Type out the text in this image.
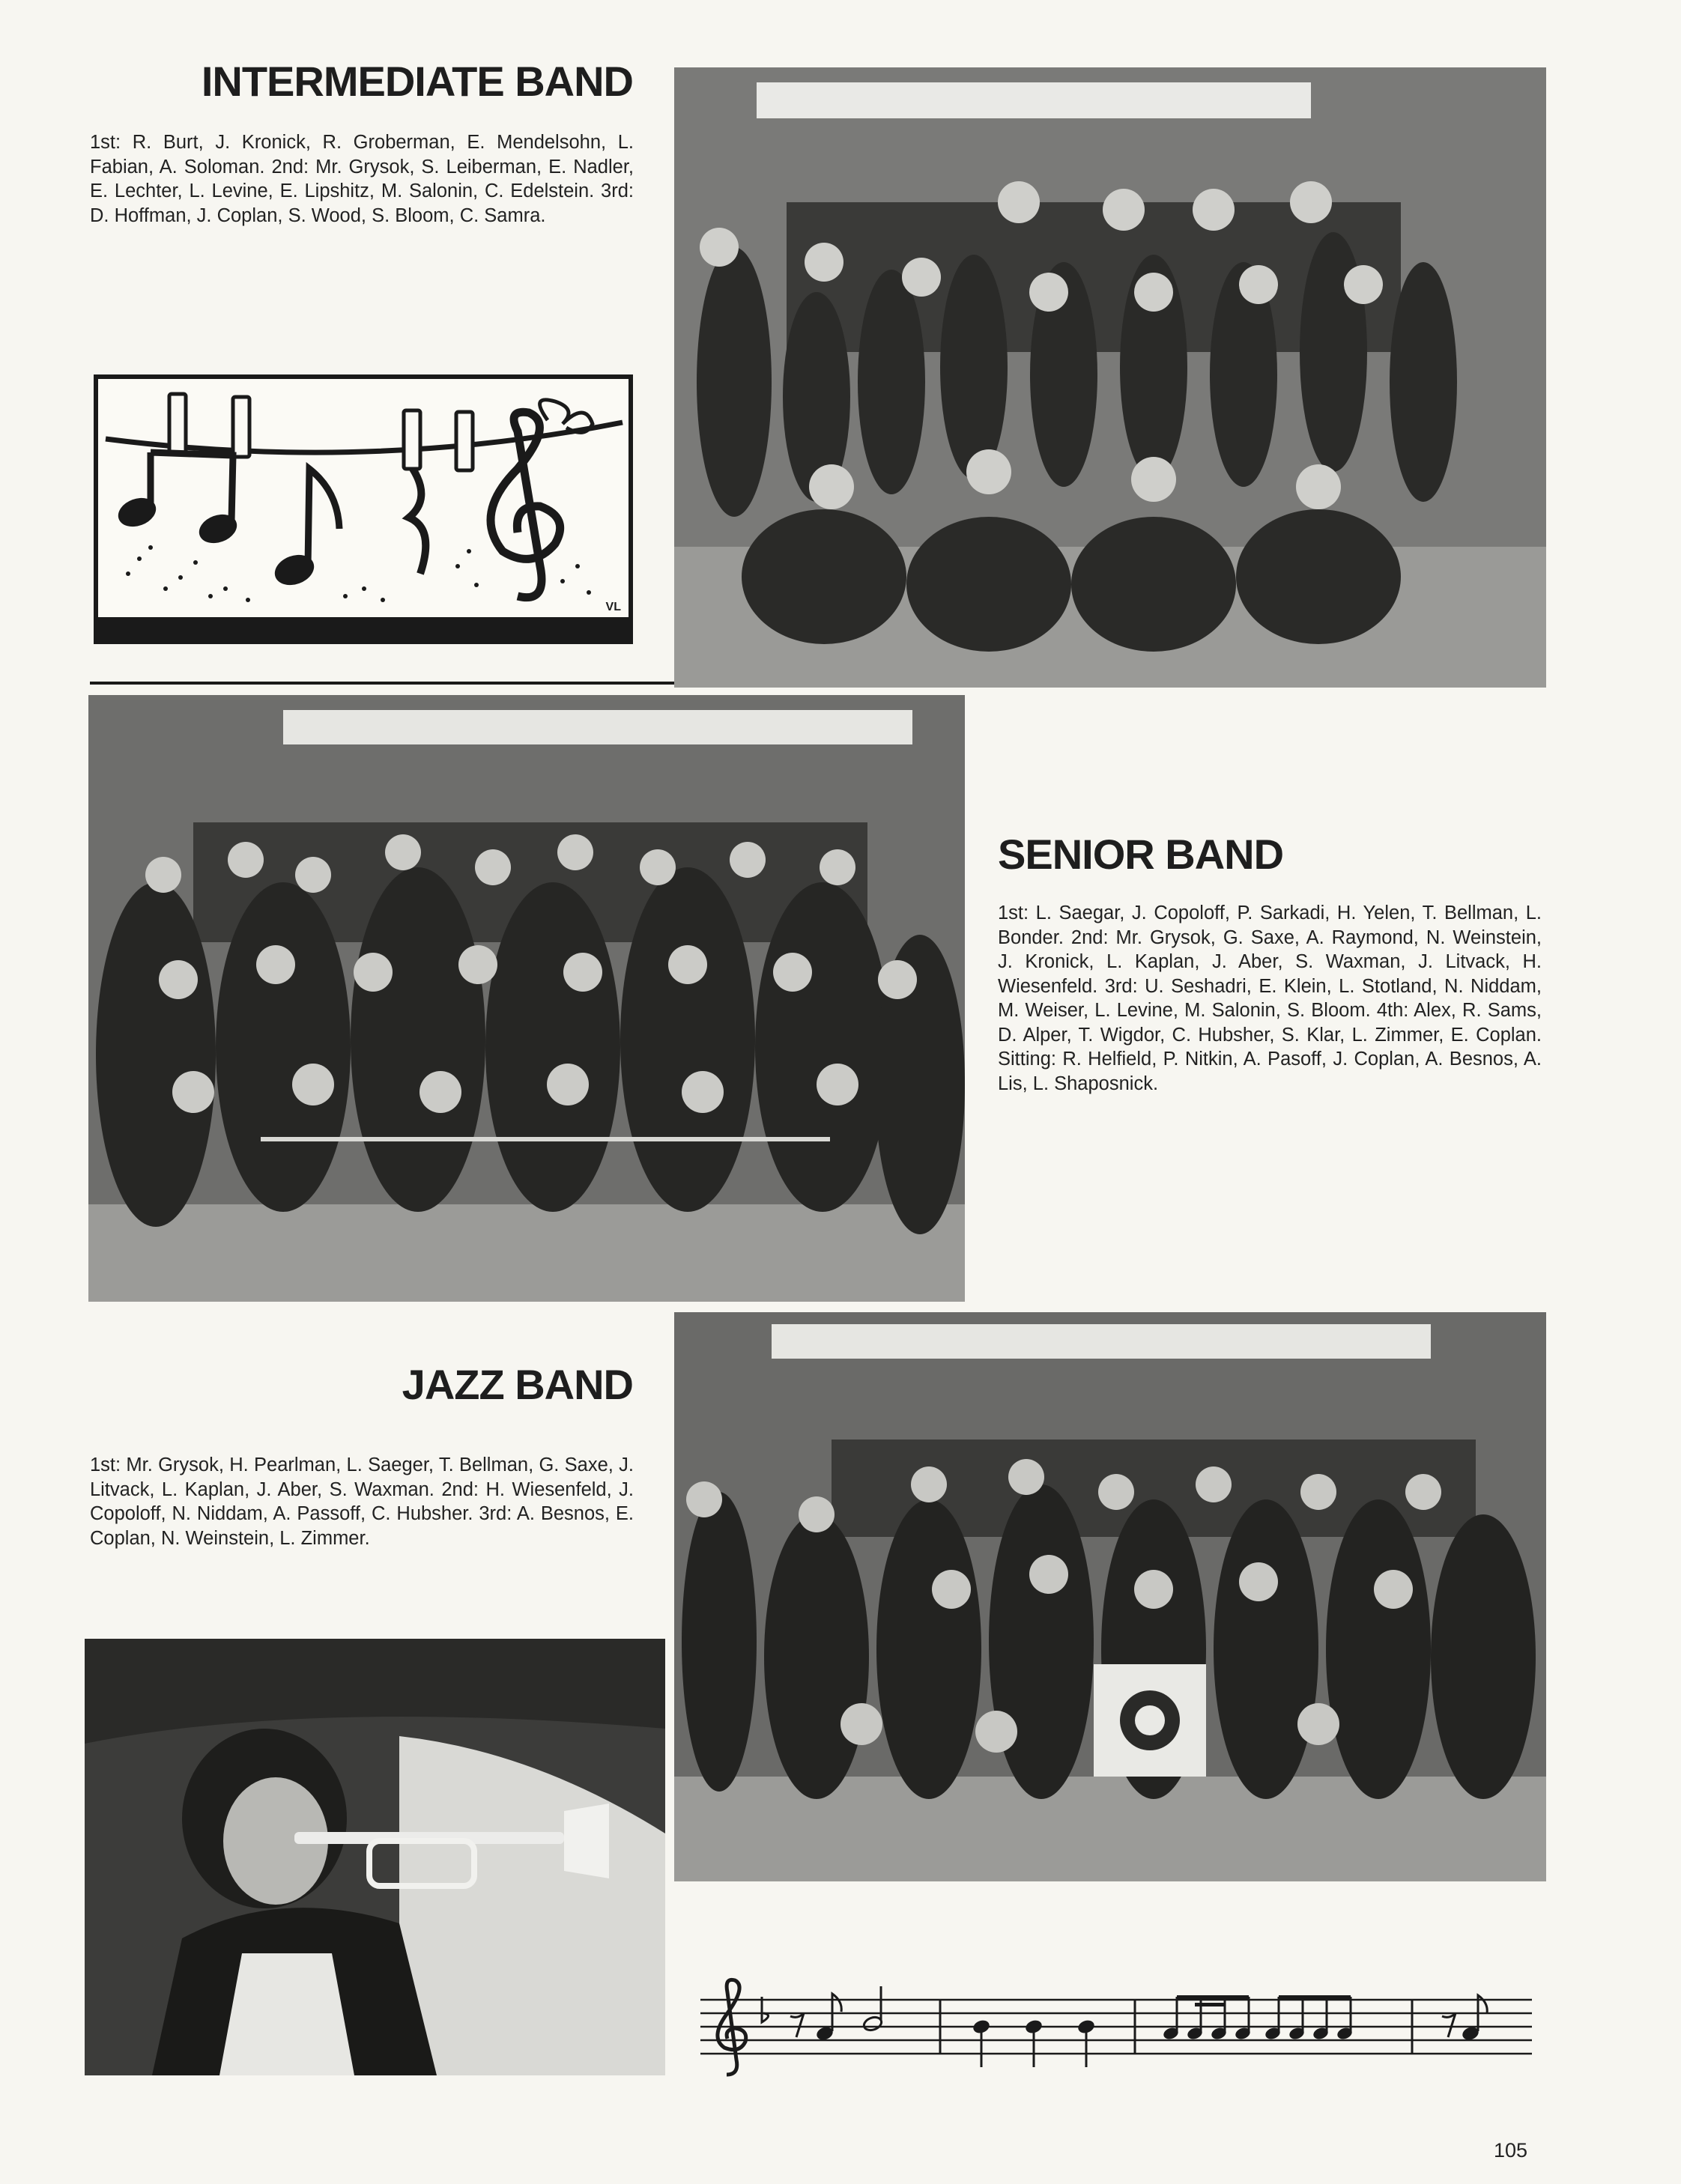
INTERMEDIATE BAND
1st: R. Burt, J. Kronick, R. Groberman, E. Mendelsohn, L. Fabian, A. Soloman. 2nd: Mr. Grysok, S. Leiberman, E. Nadler, E. Lechter, L. Levine, E. Lipshitz, M. Salonin, C. Edelstein. 3rd: D. Hoffman, J. Coplan, S. Wood, S. Bloom, C. Samra.
VL
SENIOR BAND
1st: L. Saegar, J. Copoloff, P. Sarkadi, H. Yelen, T. Bellman, L. Bonder. 2nd: Mr. Grysok, G. Saxe, A. Raymond, N. Weinstein, J. Kronick, L. Kaplan, J. Aber, S. Waxman, J. Litvack, H. Wiesenfeld. 3rd: U. Seshadri, E. Klein, L. Stotland, N. Niddam, M. Weiser, L. Levine, M. Salonin, S. Bloom. 4th: Alex, R. Sams, D. Alper, T. Wigdor, C. Hubsher, S. Klar, L. Zimmer, E. Coplan. Sitting: R. Helfield, P. Nitkin, A. Pasoff, J. Coplan, A. Besnos, A. Lis, L. Shaposnick.
JAZZ BAND
1st: Mr. Grysok, H. Pearlman, L. Saeger, T. Bellman, G. Saxe, J. Litvack, L. Kaplan, J. Aber, S. Waxman. 2nd: H. Wiesenfeld, J. Copoloff, N. Niddam, A. Passoff, C. Hubsher. 3rd: A. Besnos, E. Coplan, N. Weinstein, L. Zimmer.
105
